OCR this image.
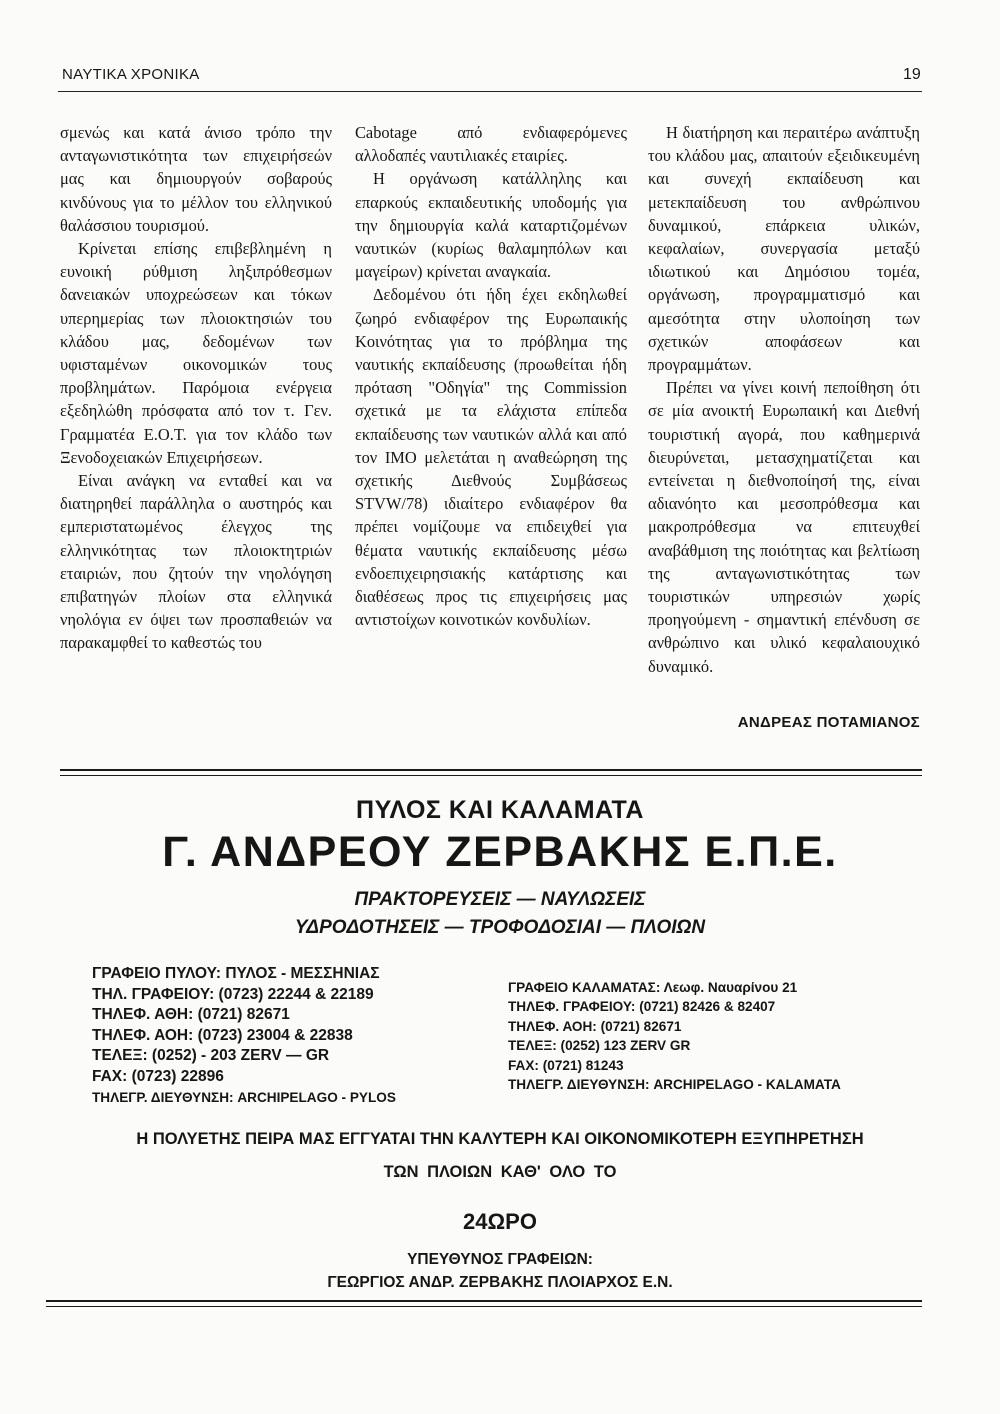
ΝΑΥΤΙΚΑ ΧΡΟΝΙΚΑ	19

σμενώς και κατά άνισο τρόπο την ανταγωνιστικότητα των επιχειρήσεών μας και δημιουργούν σοβαρούς κινδύνους για το μέλλον του ελληνικού θαλάσσιου τουρισμού.

Κρίνεται επίσης επιβεβλημένη η ευνοική ρύθμιση ληξιπρόθεσμων δανειακών υποχρεώσεων και τόκων υπερημερίας των πλοιοκτησιών του κλάδου μας, δεδομένων των υφισταμένων οικονομικών τους προβλημάτων. Παρόμοια ενέργεια εξεδηλώθη πρόσφατα από τον τ. Γεν. Γραμματέα Ε.Ο.Τ. για τον κλάδο των Ξενοδοχειακών Επιχειρήσεων.

Είναι ανάγκη να ενταθεί και να διατηρηθεί παράλληλα ο αυστηρός και εμπεριστατωμένος έλεγχος της ελληνικότητας των πλοιοκτητριών εταιριών, που ζητούν την νηολόγηση επιβατηγών πλοίων στα ελληνικά νηολόγια εν όψει των προσπαθειών να παρακαμφθεί το καθεστώς του

Cabotage από ενδιαφερόμενες αλλοδαπές ναυτιλιακές εταιρίες.

Η οργάνωση κατάλληλης και επαρκούς εκπαιδευτικής υποδομής για την δημιουργία καλά καταρτιζομένων ναυτικών (κυρίως θαλαμηπόλων και μαγείρων) κρίνεται αναγκαία.

Δεδομένου ότι ήδη έχει εκδηλωθεί ζωηρό ενδιαφέρον της Ευρωπαικής Κοινότητας για το πρόβλημα της ναυτικής εκπαίδευσης (προωθείται ήδη πρόταση "Οδηγία" της Commission σχετικά με τα ελάχιστα επίπεδα εκπαίδευσης των ναυτικών αλλά και από τον ΙΜΟ μελετάται η αναθεώρηση της σχετικής Διεθνούς Συμβάσεως STVW/78) ιδιαίτερο ενδιαφέρον θα πρέπει νομίζουμε να επιδειχθεί για θέματα ναυτικής εκπαίδευσης μέσω ενδοεπιχειρησιακής κατάρτισης και διαθέσεως προς τις επιχειρήσεις μας αντιστοίχων κοινοτικών κονδυλίων.

Η διατήρηση και περαιτέρω ανάπτυξη του κλάδου μας, απαιτούν εξειδικευμένη και συνεχή εκπαίδευση και μετεκπαίδευση του ανθρώπινου δυναμικού, επάρκεια υλικών, κεφαλαίων, συνεργασία μεταξύ ιδιωτικού και Δημόσιου τομέα, οργάνωση, προγραμματισμό και αμεσότητα στην υλοποίηση των σχετικών αποφάσεων και προγραμμάτων.

Πρέπει να γίνει κοινή πεποίθηση ότι σε μία ανοικτή Ευρωπαική και Διεθνή τουριστική αγορά, που καθημερινά διευρύνεται, μετασχηματίζεται και εντείνεται η διεθνοποίησή της, είναι αδιανόητο και μεσοπρόθεσμα και μακροπρόθεσμα να επιτευχθεί αναβάθμιση της ποιότητας και βελτίωση της ανταγωνιστικότητας των τουριστικών υπηρεσιών χωρίς προηγούμενη - σημαντική επένδυση σε ανθρώπινο και υλικό κεφαλαιουχικό δυναμικό.

ΑΝΔΡΕΑΣ ΠΟΤΑΜΙΑΝΟΣ
ΠΥΛΟΣ ΚΑΙ ΚΑΛΑΜΑΤΑ
Γ. ΑΝΔΡΕΟΥ ΖΕΡΒΑΚΗΣ Ε.Π.Ε.
ΠΡΑΚΤΟΡΕΥΣΕΙΣ — ΝΑΥΛΩΣΕΙΣ
ΥΔΡΟΔΟΤΗΣΕΙΣ — ΤΡΟΦΟΔΟΣΙΑΙ — ΠΛΟΙΩΝ
ΓΡΑΦΕΙΟ ΠΥΛΟΥ: ΠΥΛΟΣ - ΜΕΣΣΗΝΙΑΣ
ΤΗΛ. ΓΡΑΦΕΙΟΥ: (0723) 22244 & 22189
ΤΗΛΕΦ. ΑΘΗ: (0721) 82671
ΤΗΛΕΦ. ΑΟΗ: (0723) 23004 & 22838
ΤΕΛΕΞ: (0252) - 203 ZERV — GR
FAX: (0723) 22896
ΤΗΛΕΓΡ. ΔΙΕΥΘΥΝΣΗ: ARCHIPELAGO - PYLOS
ΓΡΑΦΕΙΟ ΚΑΛΑΜΑΤΑΣ: Λεωφ. Ναυαρίνου 21
ΤΗΛΕΦ. ΓΡΑΦΕΙΟΥ: (0721) 82426 & 82407
ΤΗΛΕΦ. ΑΟΗ: (0721) 82671
ΤΕΛΕΞ: (0252) 123 ZERV GR
FAX: (0721) 81243
ΤΗΛΕΓΡ. ΔΙΕΥΘΥΝΣΗ: ARCHIPELAGO - KALAMATA
Η ΠΟΛΥΕΤΗΣ ΠΕΙΡΑ ΜΑΣ ΕΓΓΥΑΤΑΙ ΤΗΝ ΚΑΛΥΤΕΡΗ ΚΑΙ ΟΙΚΟΝΟΜΙΚΟΤΕΡΗ ΕΞΥΠΗΡΕΤΗΣΗ
ΤΩΝ ΠΛΟΙΩΝ ΚΑΘ' ΟΛΟ ΤΟ
24ΩΡΟ
ΥΠΕΥΘΥΝΟΣ ΓΡΑΦΕΙΩΝ:
ΓΕΩΡΓΙΟΣ ΑΝΔΡ. ΖΕΡΒΑΚΗΣ ΠΛΟΙΑΡΧΟΣ Ε.Ν.
